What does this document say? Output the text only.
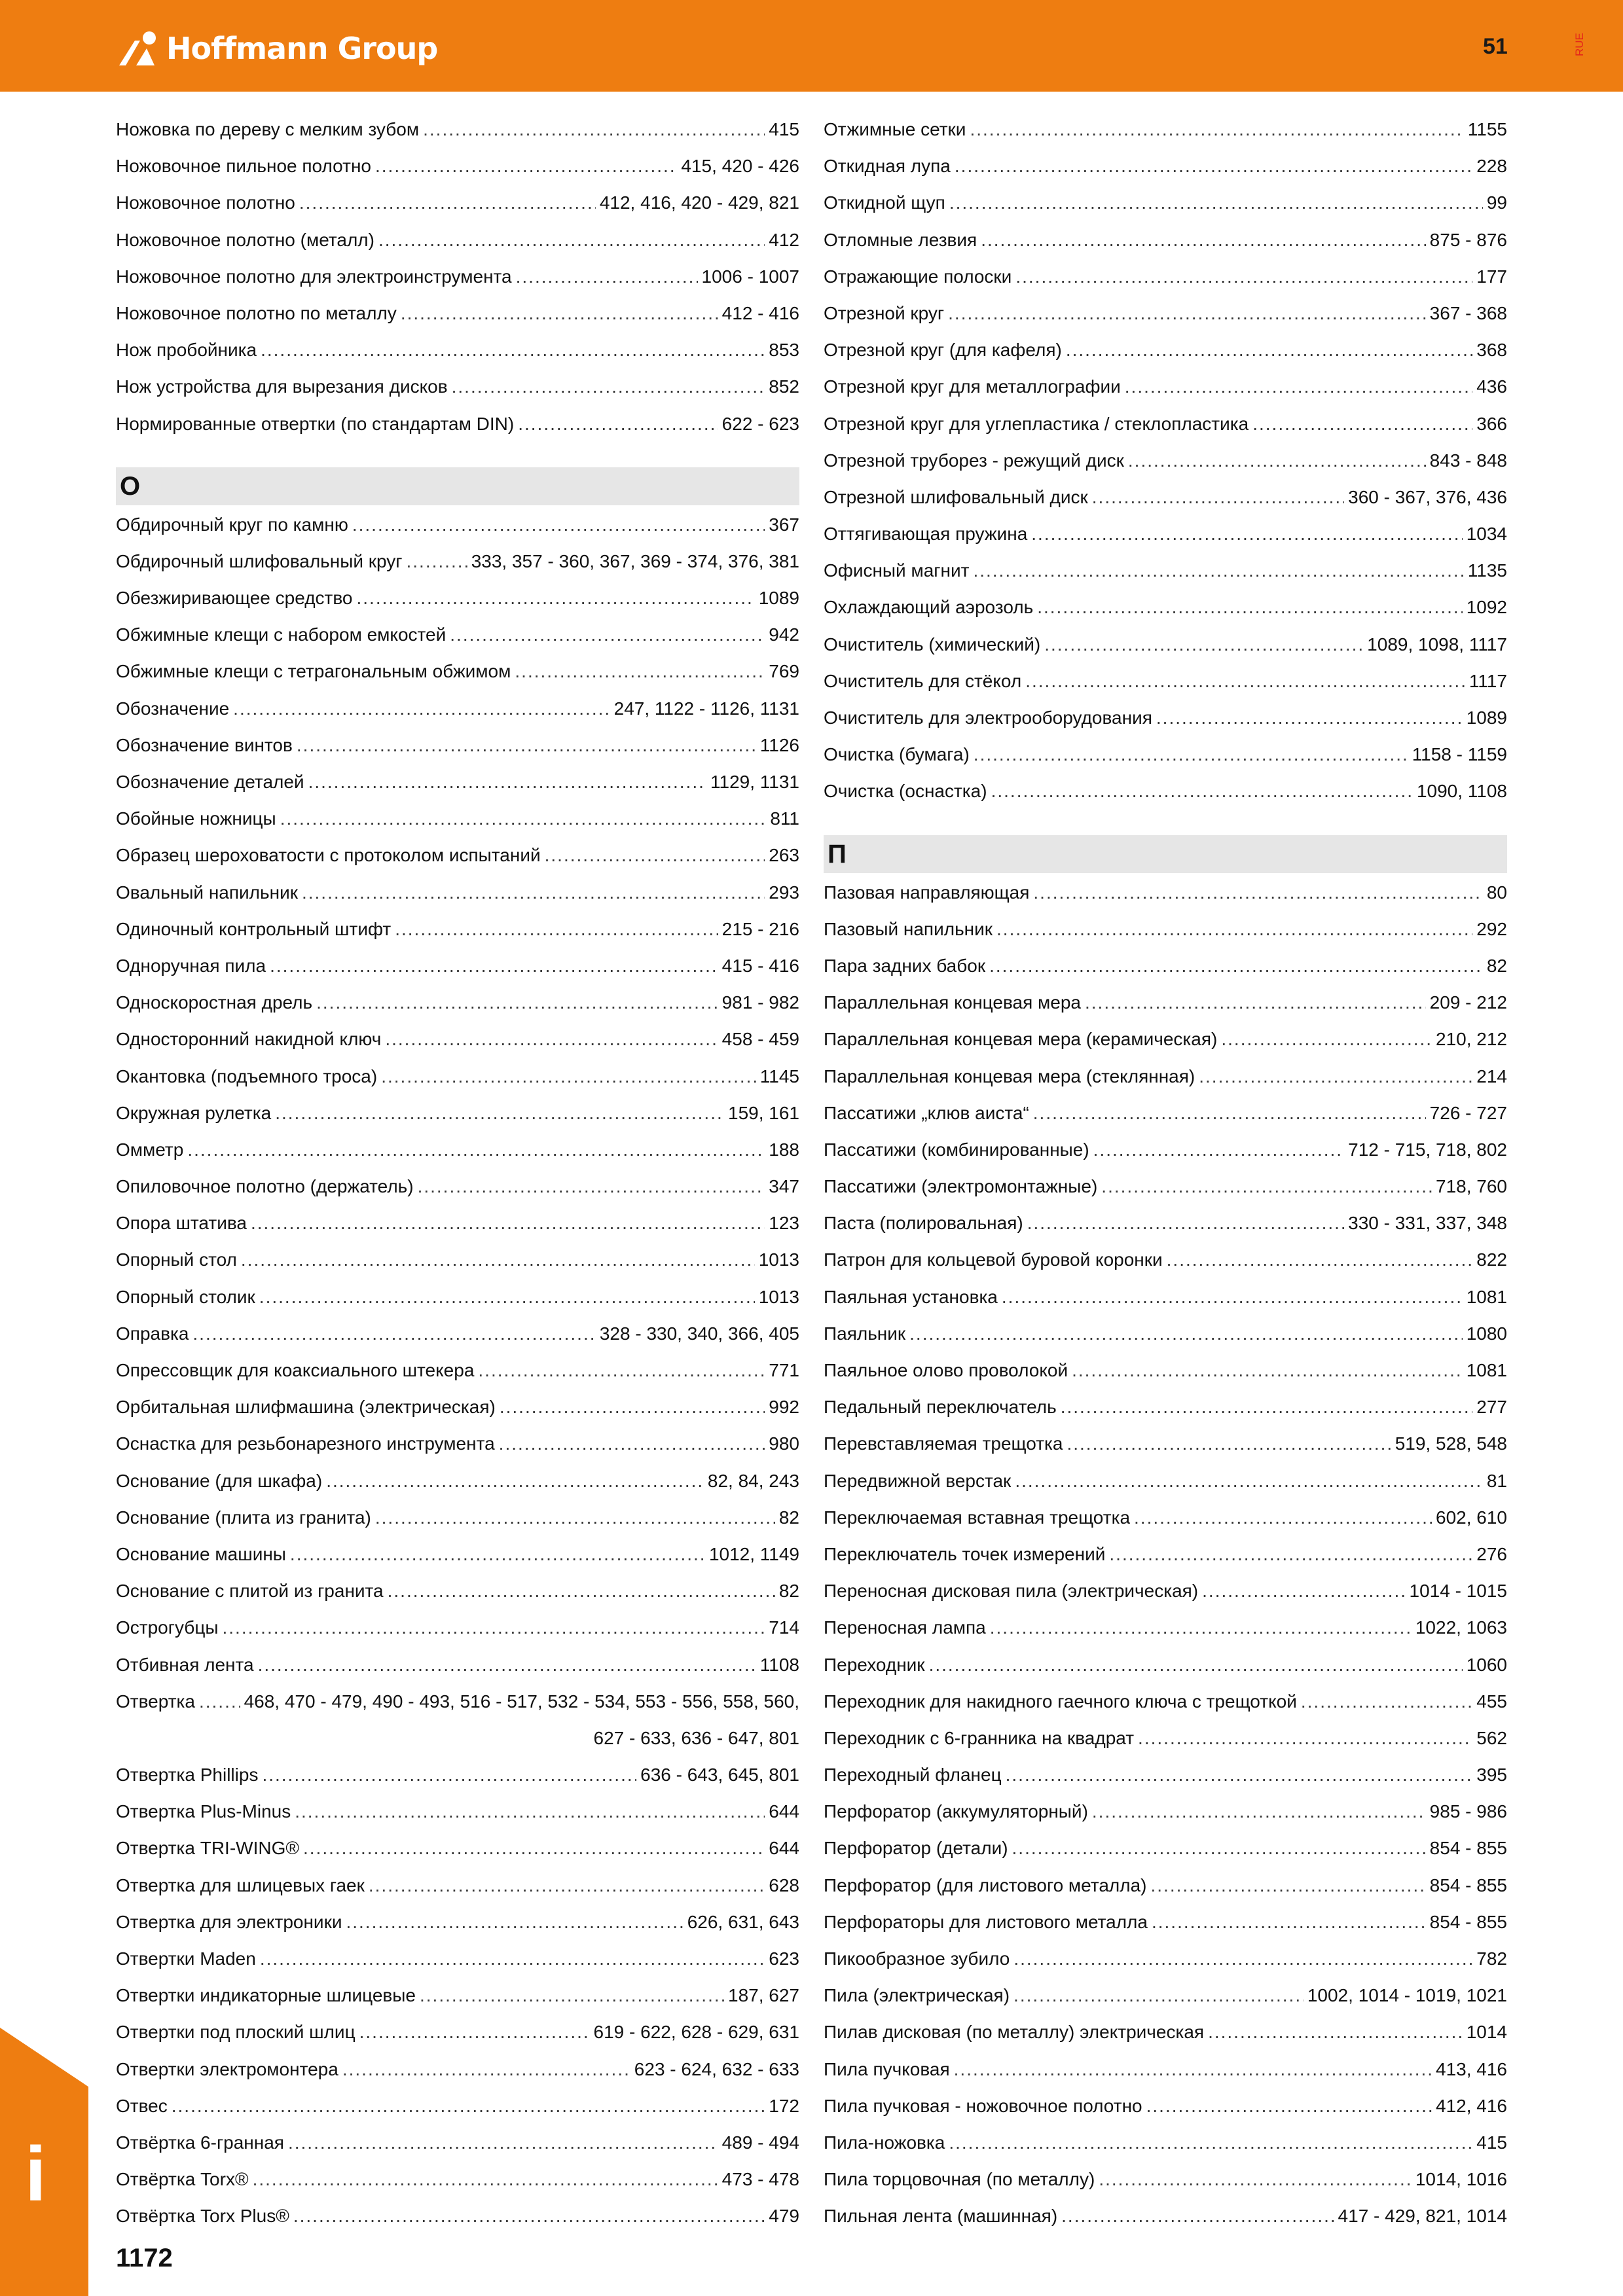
Hoffmann Group	51	RUE
Ножовка по дереву с мелким зубом .....	415
Ножовочное пильное полотно .....	415, 420 - 426
Ножовочное полотно .....	412, 416, 420 - 429, 821
Ножовочное полотно (металл) .....	412
Ножовочное полотно для электроинструмента .....	1006 - 1007
Ножовочное полотно по металлу .....	412 - 416
Нож пробойника .....	853
Нож устройства для вырезания дисков .....	852
Нормированные отвертки (по стандартам DIN) .....	622 - 623
О
Обдирочный круг по камню .....	367
Обдирочный шлифовальный круг .....	333, 357 - 360, 367, 369 - 374, 376, 381
Обезжиривающее средство .....	1089
Обжимные клещи с набором емкостей .....	942
Обжимные клещи с тетрагональным обжимом .....	769
Обозначение .....	247, 1122 - 1126, 1131
Обозначение винтов .....	1126
Обозначение деталей .....	1129, 1131
Обойные ножницы .....	811
Образец шероховатости с протоколом испытаний .....	263
Овальный напильник .....	293
Одиночный контрольный штифт .....	215 - 216
Одноручная пила .....	415 - 416
Односкоростная дрель .....	981 - 982
Односторонний накидной ключ .....	458 - 459
Окантовка (подъемного троса) .....	1145
Окружная рулетка .....	159, 161
Омметр .....	188
Опиловочное полотно (держатель) .....	347
Опора штатива .....	123
Опорный стол .....	1013
Опорный столик .....	1013
Оправка .....	328 - 330, 340, 366, 405
Опрессовщик для коаксиального штекера .....	771
Орбитальная шлифмашина (электрическая) .....	992
Оснастка для резьбонарезного инструмента .....	980
Основание (для шкафа) .....	82, 84, 243
Основание (плита из гранита) .....	82
Основание машины .....	1012, 1149
Основание с плитой из гранита .....	82
Острогубцы .....	714
Отбивная лента .....	1108
Отвертка .....	468, 470 - 479, 490 - 493, 516 - 517, 532 - 534, 553 - 556, 558, 560,
627 - 633, 636 - 647, 801
Отвертка Phillips .....	636 - 643, 645, 801
Отвертка Plus-Minus .....	644
Отвертка TRI-WING® .....	644
Отвертка для шлицевых гаек .....	628
Отвертка для электроники .....	626, 631, 643
Отвертки Maden .....	623
Отвертки индикаторные шлицевые .....	187, 627
Отвертки под плоский шлиц .....	619 - 622, 628 - 629, 631
Отвертки электромонтера .....	623 - 624, 632 - 633
Отвес .....	172
Отвёртка 6-гранная .....	489 - 494
Отвёртка Torx® .....	473 - 478
Отвёртка Torx Plus® .....	479
Отжимные сетки .....	1155
Откидная лупа .....	228
Откидной щуп .....	99
Отломные лезвия .....	875 - 876
Отражающие полоски .....	177
Отрезной круг .....	367 - 368
Отрезной круг (для кафеля) .....	368
Отрезной круг для металлографии .....	436
Отрезной круг для углепластика / стеклопластика .....	366
Отрезной труборез - режущий диск .....	843 - 848
Отрезной шлифовальный диск .....	360 - 367, 376, 436
Оттягивающая пружина .....	1034
Офисный магнит .....	1135
Охлаждающий аэрозоль .....	1092
Очиститель (химический) .....	1089, 1098, 1117
Очиститель для стёкол .....	1117
Очиститель для электрооборудования .....	1089
Очистка (бумага) .....	1158 - 1159
Очистка (оснастка) .....	1090, 1108
П
Пазовая направляющая .....	80
Пазовый напильник .....	292
Пара задних бабок .....	82
Параллельная концевая мера .....	209 - 212
Параллельная концевая мера (керамическая) .....	210, 212
Параллельная концевая мера (стеклянная) .....	214
Пассатижи „клюв аиста“ .....	726 - 727
Пассатижи (комбинированные) .....	712 - 715, 718, 802
Пассатижи (электромонтажные) .....	718, 760
Паста (полировальная) .....	330 - 331, 337, 348
Патрон для кольцевой буровой коронки .....	822
Паяльная установка .....	1081
Паяльник .....	1080
Паяльное олово проволокой .....	1081
Педальный переключатель .....	277
Перевставляемая трещотка .....	519, 528, 548
Передвижной верстак .....	81
Переключаемая вставная трещотка .....	602, 610
Переключатель точек измерений .....	276
Переносная дисковая пила (электрическая) .....	1014 - 1015
Переносная лампа .....	1022, 1063
Переходник .....	1060
Переходник для накидного гаечного ключа с трещоткой .....	455
Переходник с 6-гранника на квадрат .....	562
Переходный фланец .....	395
Перфоратор (аккумуляторный) .....	985 - 986
Перфоратор (детали) .....	854 - 855
Перфоратор (для листового металла) .....	854 - 855
Перфораторы для листового металла .....	854 - 855
Пикообразное зубило .....	782
Пила (электрическая) .....	1002, 1014 - 1019, 1021
Пилав дисковая (по металлу) электрическая .....	1014
Пила пучковая .....	413, 416
Пила пучковая - ножовочное полотно .....	412, 416
Пила-ножовка .....	415
Пила торцовочная (по металлу) .....	1014, 1016
Пильная лента (машинная) .....	417 - 429, 821, 1014
i
1172
